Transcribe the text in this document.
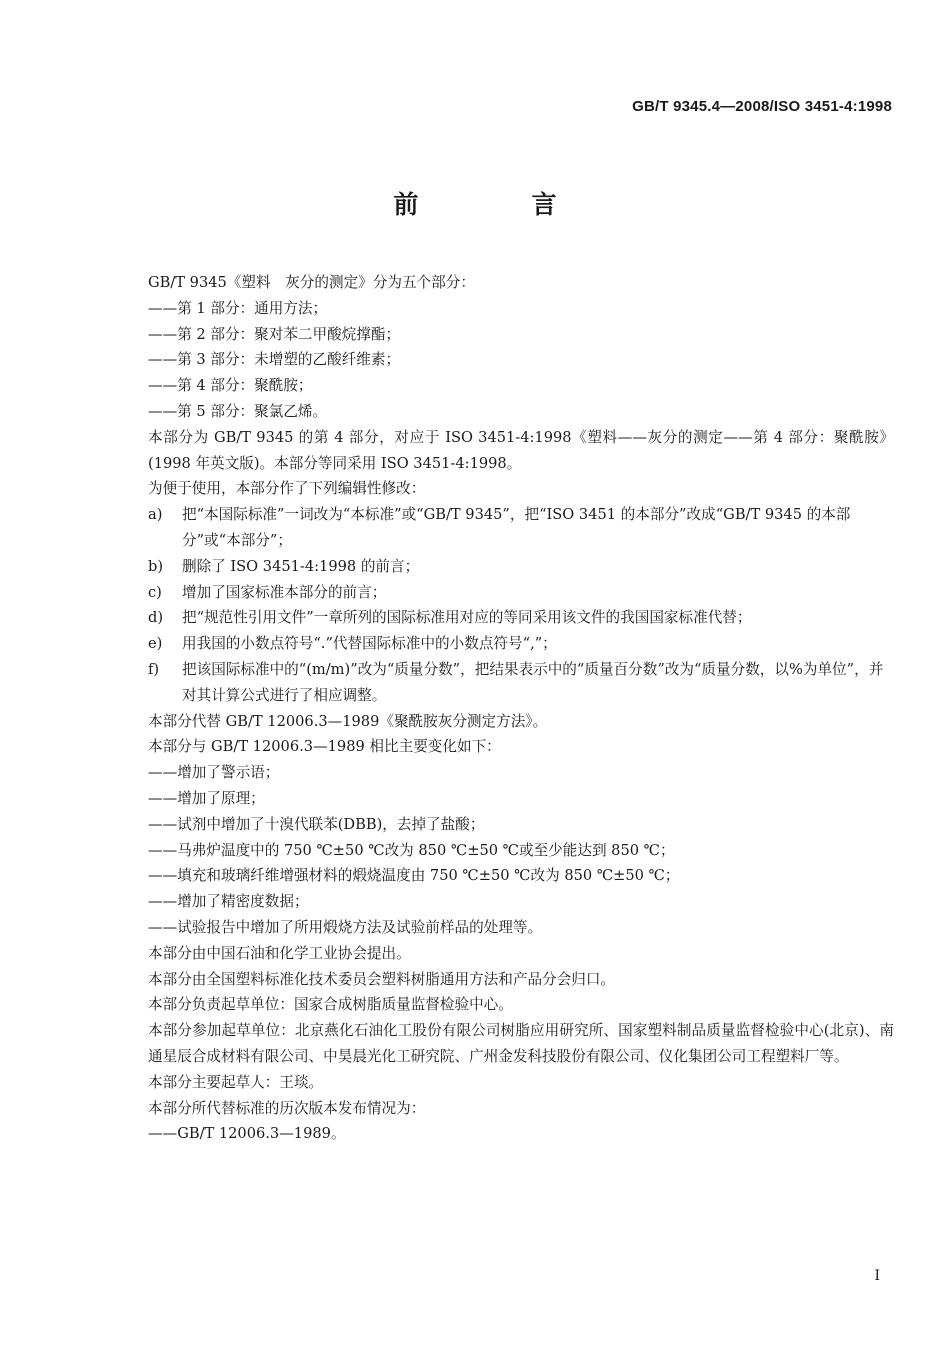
GB/T 9345.4—2008/ISO 3451-4:1998
前　言

GB/T 9345《塑料　灰分的测定》分为五个部分：

——第 1 部分：通用方法；

——第 2 部分：聚对苯二甲酸烷撑酯；

——第 3 部分：未增塑的乙酸纤维素；

——第 4 部分：聚酰胺；

——第 5 部分：聚氯乙烯。

本部分为 GB/T 9345 的第 4 部分，对应于 ISO 3451-4:1998《塑料——灰分的测定——第 4 部分：聚酰胺》(1998 年英文版)。本部分等同采用 ISO 3451-4:1998。

为便于使用，本部分作了下列编辑性修改：

a) 把“本国际标准”一词改为“本标准”或“GB/T 9345”，把“ISO 3451 的本部分”改成“GB/T 9345 的本部分”或“本部分”；
b) 删除了 ISO 3451-4:1998 的前言；
c) 增加了国家标准本部分的前言；
d) 把“规范性引用文件”一章所列的国际标准用对应的等同采用该文件的我国国家标准代替；
e) 用我国的小数点符号“.”代替国际标准中的小数点符号“,”；
f) 把该国际标准中的“(m/m)”改为“质量分数”，把结果表示中的“质量百分数”改为“质量分数，以%为单位”，并对其计算公式进行了相应调整。

本部分代替 GB/T 12006.3—1989《聚酰胺灰分测定方法》。

本部分与 GB/T 12006.3—1989 相比主要变化如下：

——增加了警示语；

——增加了原理；

——试剂中增加了十溴代联苯(DBB)，去掉了盐酸；

——马弗炉温度中的 750 ℃±50 ℃改为 850 ℃±50 ℃或至少能达到 850 ℃；

——填充和玻璃纤维增强材料的煅烧温度由 750 ℃±50 ℃改为 850 ℃±50 ℃；

——增加了精密度数据；

——试验报告中增加了所用煅烧方法及试验前样品的处理等。

本部分由中国石油和化学工业协会提出。

本部分由全国塑料标准化技术委员会塑料树脂通用方法和产品分会归口。

本部分负责起草单位：国家合成树脂质量监督检验中心。

本部分参加起草单位：北京燕化石油化工股份有限公司树脂应用研究所、国家塑料制品质量监督检验中心(北京)、南通星辰合成材料有限公司、中昊晨光化工研究院、广州金发科技股份有限公司、仪化集团公司工程塑料厂等。

本部分主要起草人：王琰。

本部分所代替标准的历次版本发布情况为：

——GB/T 12006.3—1989。

I
